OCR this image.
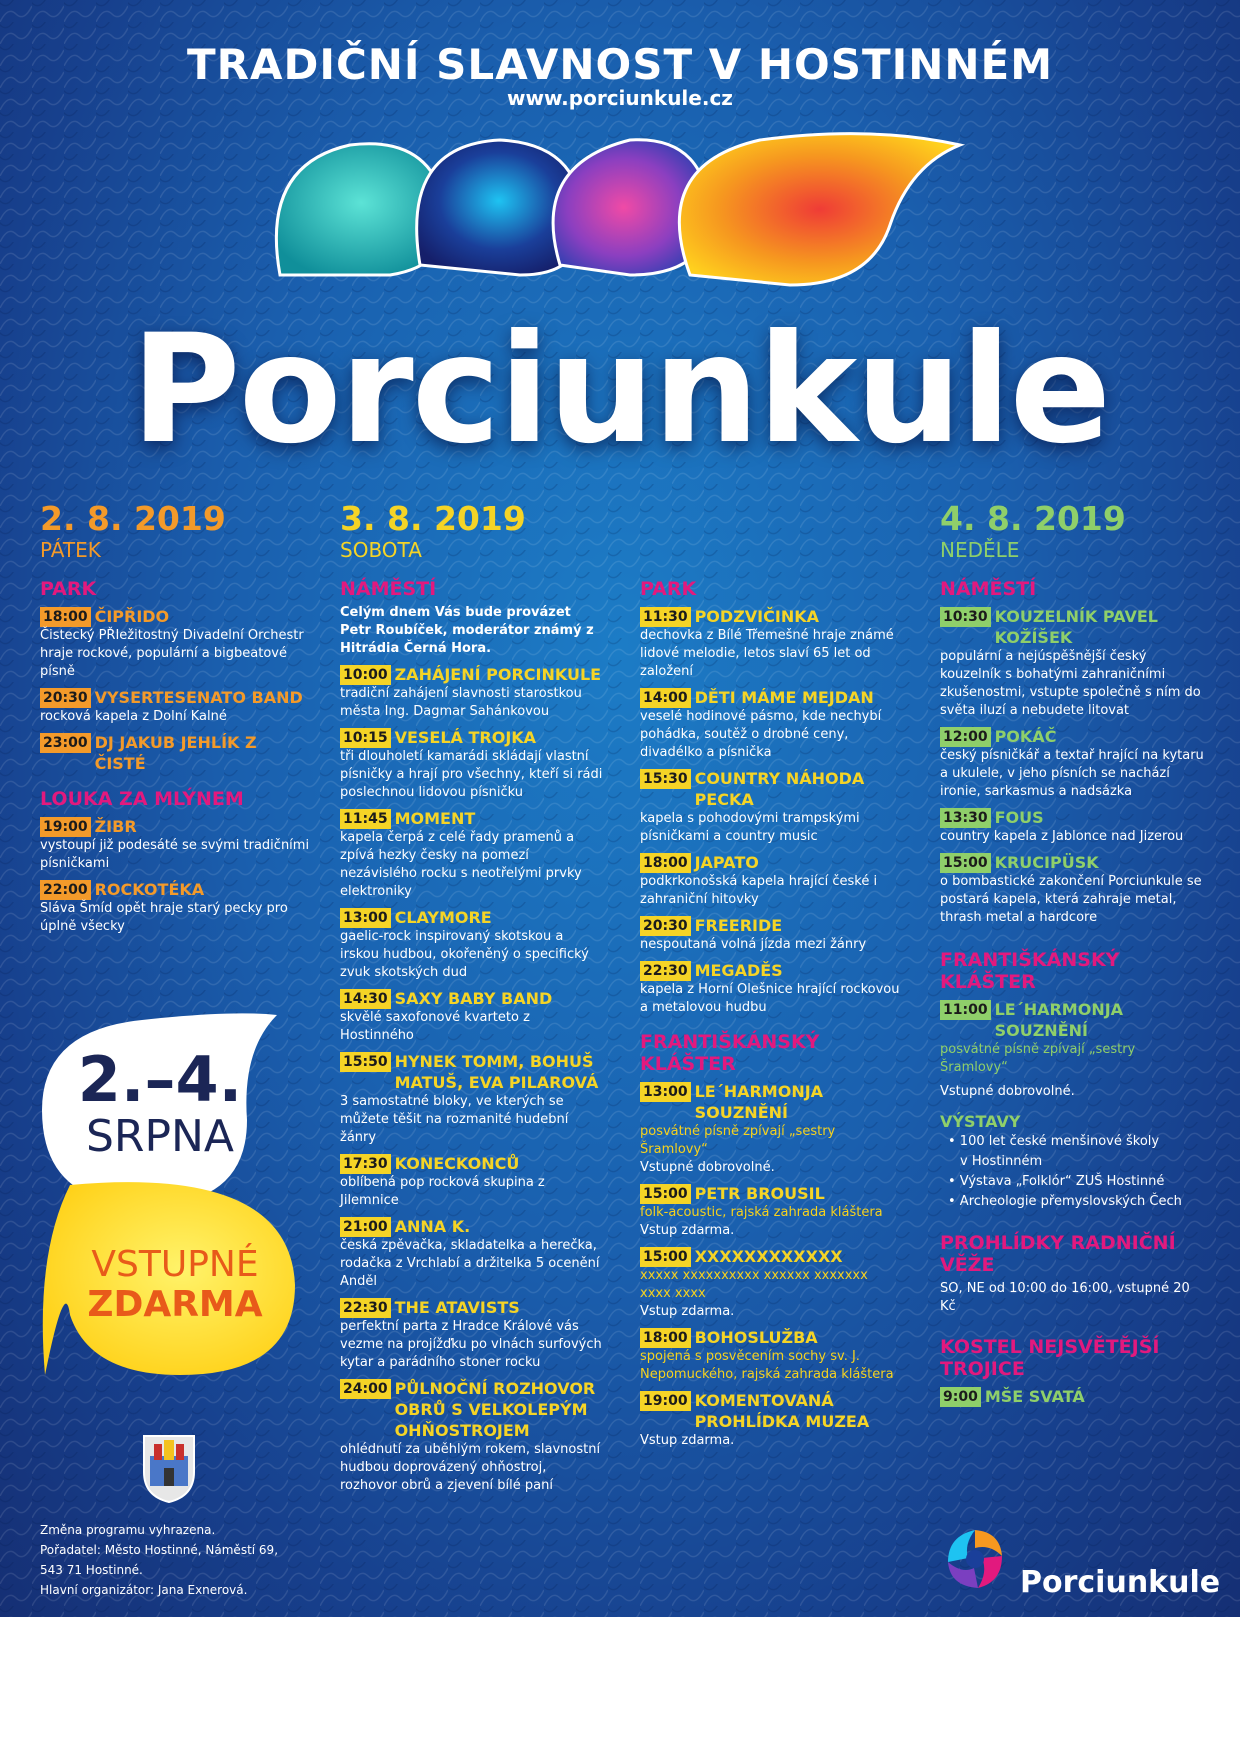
TRADIČNÍ SLAVNOST V HOSTINNÉM
www.porciunkule.cz
Porciunkule
2. 8. 2019
PÁTEK
PARK
18:00 ČIPŘIDO
Čistecký PŘIežitostný Divadelní Orchestr hraje rockové, populární a bigbeatové písně
20:30 VYSERTESENATO BAND
rocková kapela z Dolní Kalné
23:00 DJ JAKUB JEHLÍK Z ČISTÉ
LOUKA ZA MLÝNEM
19:00 ŽIBR
vystoupí již podesáté se svými tradičními písničkami
22:00 ROCKOTÉKA
Sláva Šmíd opět hraje starý pecky pro úplně všecky
2.–4.
SRPNA
VSTUPNÉ
ZDARMA
Změna programu vyhrazena.
Pořadatel: Město Hostinné, Náměstí 69,
543 71 Hostinné.
Hlavní organizátor: Jana Exnerová.
3. 8. 2019
SOBOTA
NÁMĚSTÍ
Celým dnem Vás bude provázet Petr Roubíček, moderátor známý z Hitrádia Černá Hora.
10:00 ZAHÁJENÍ PORCINKULE
tradiční zahájení slavnosti starostkou města Ing. Dagmar Sahánkovou
10:15 VESELÁ TROJKA
tři dlouholetí kamarádi skládají vlastní písničky a hrají pro všechny, kteří si rádi poslechnou lidovou písničku
11:45 MOMENT
kapela čerpá z celé řady pramenů a zpívá hezky česky na pomezí nezávislého rocku s neotřelými prvky elektroniky
13:00 CLAYMORE
gaelic-rock inspirovaný skotskou a irskou hudbou, okořeněný o specifický zvuk skotských dud
14:30 SAXY BABY BAND
skvělé saxofonové kvarteto z Hostinného
15:50 HYNEK TOMM, BOHUŠ MATUŠ, EVA PILAROVÁ
3 samostatné bloky, ve kterých se můžete těšit na rozmanité hudební žánry
17:30 KONECKONCŮ
oblíbená pop rocková skupina z Jilemnice
21:00 ANNA K.
česká zpěvačka, skladatelka a herečka, rodačka z Vrchlabí a držitelka 5 ocenění Anděl
22:30 THE ATAVISTS
perfektní parta z Hradce Králové vás vezme na projížďku po vlnách surfových kytar a parádního stoner rocku
24:00 PŮLNOČNÍ ROZHOVOR OBRŮ S VELKOLEPÝM OHŇOSTROJEM
ohlédnutí za uběhlým rokem, slavnostní hudbou doprovázený ohňostroj, rozhovor obrů a zjevení bílé paní
PARK
11:30 PODZVIČINKA
dechovka z Bílé Třemešné hraje známé lidové melodie, letos slaví 65 let od založení
14:00 DĚTI MÁME MEJDAN
veselé hodinové pásmo, kde nechybí pohádka, soutěž o drobné ceny, divadélko a písnička
15:30 COUNTRY NÁHODA PECKA
kapela s pohodovými trampskými písničkami a country music
18:00 JAPATO
podkrkonošská kapela hrající české i zahraniční hitovky
20:30 FREERIDE
nespoutaná volná jízda mezi žánry
22:30 MEGADĚS
kapela z Horní Olešnice hrající rockovou a metalovou hudbu
FRANTIŠKÁNSKÝ KLÁŠTER
13:00 LE´HARMONJA SOUZNĚNÍ
posvátné písně zpívají „sestry Šramlovy“
Vstupné dobrovolné.
15:00 PETR BROUSIL
folk-acoustic, rajská zahrada kláštera
Vstup zdarma.
15:00 XXXXXXXXXXXX
xxxxx xxxxxxxxxx xxxxxx xxxxxxx xxxx xxxx
Vstup zdarma.
18:00 BOHOSLUŽBA
spojená s posvěcením sochy sv. J. Nepomuckého, rajská zahrada kláštera
19:00 KOMENTOVANÁ PROHLÍDKA MUZEA
Vstup zdarma.
4. 8. 2019
NEDĚLE
NÁMĚSTÍ
10:30 KOUZELNÍK PAVEL KOŽÍŠEK
populární a nejúspěšnější český kouzelník s bohatými zahraničními zkušenostmi, vstupte společně s ním do světa iluzí a nebudete litovat
12:00 POKÁČ
český písničkář a textař hrající na kytaru a ukulele, v jeho písních se nachází ironie, sarkasmus a nadsázka
13:30 FOUS
country kapela z Jablonce nad Jizerou
15:00 KRUCIPÜSK
o bombastické zakončení Porciunkule se postará kapela, která zahraje metal, thrash metal a hardcore
FRANTIŠKÁNSKÝ KLÁŠTER
11:00 LE´HARMONJA SOUZNĚNÍ
posvátné písně zpívají „sestry Šramlovy“
Vstupné dobrovolné.
VÝSTAVY
• 100 let české menšinové školy
v Hostinném
• Výstava „Folklór“ ZUŠ Hostinné
• Archeologie přemyslovských Čech
PROHLÍDKY RADNIČNÍ VĚŽE
SO, NE od 10:00 do 16:00, vstupné 20 Kč
KOSTEL NEJSVĚTĚJŠÍ TROJICE
9:00 MŠE SVATÁ
Porciunkule
